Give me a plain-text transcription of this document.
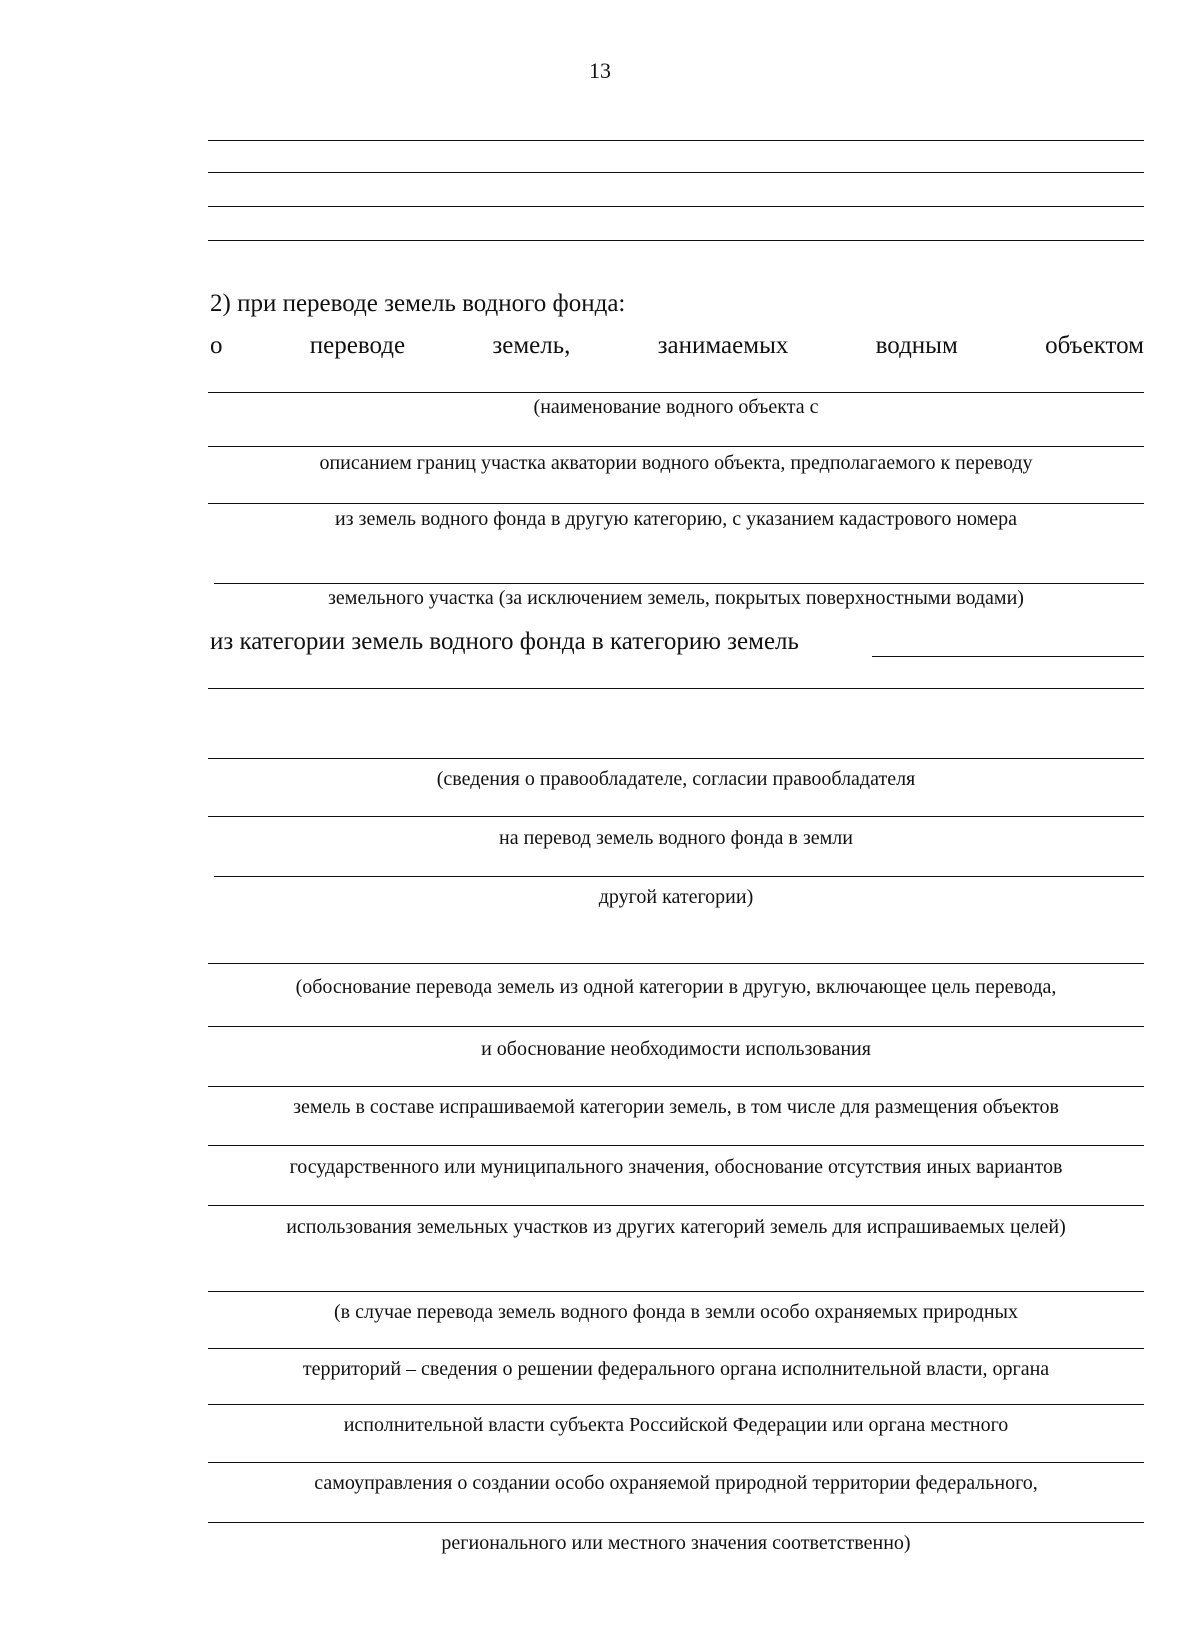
13
2) при переводе земель водного фонда:
о	переводе	земель,	занимаемых	водным	объектом
(наименование водного объекта с
описанием границ участка акватории водного объекта, предполагаемого к переводу
из земель водного фонда в другую категорию, с указанием кадастрового номера
земельного участка (за исключением земель, покрытых поверхностными водами)
из категории земель водного фонда в категорию земель
(сведения о правообладателе, согласии правообладателя
на перевод земель водного фонда в земли
другой категории)
(обоснование перевода земель из одной категории в другую, включающее цель перевода,
и обоснование необходимости использования
земель в составе испрашиваемой категории земель, в том числе для размещения объектов
государственного или муниципального значения, обоснование отсутствия иных вариантов
использования земельных участков из других категорий земель для испрашиваемых целей)
(в случае перевода земель водного фонда в земли особо охраняемых природных
территорий – сведения о решении федерального органа исполнительной власти, органа
исполнительной власти субъекта Российской Федерации или органа местного
самоуправления о создании особо охраняемой природной территории федерального,
регионального или местного значения соответственно)
